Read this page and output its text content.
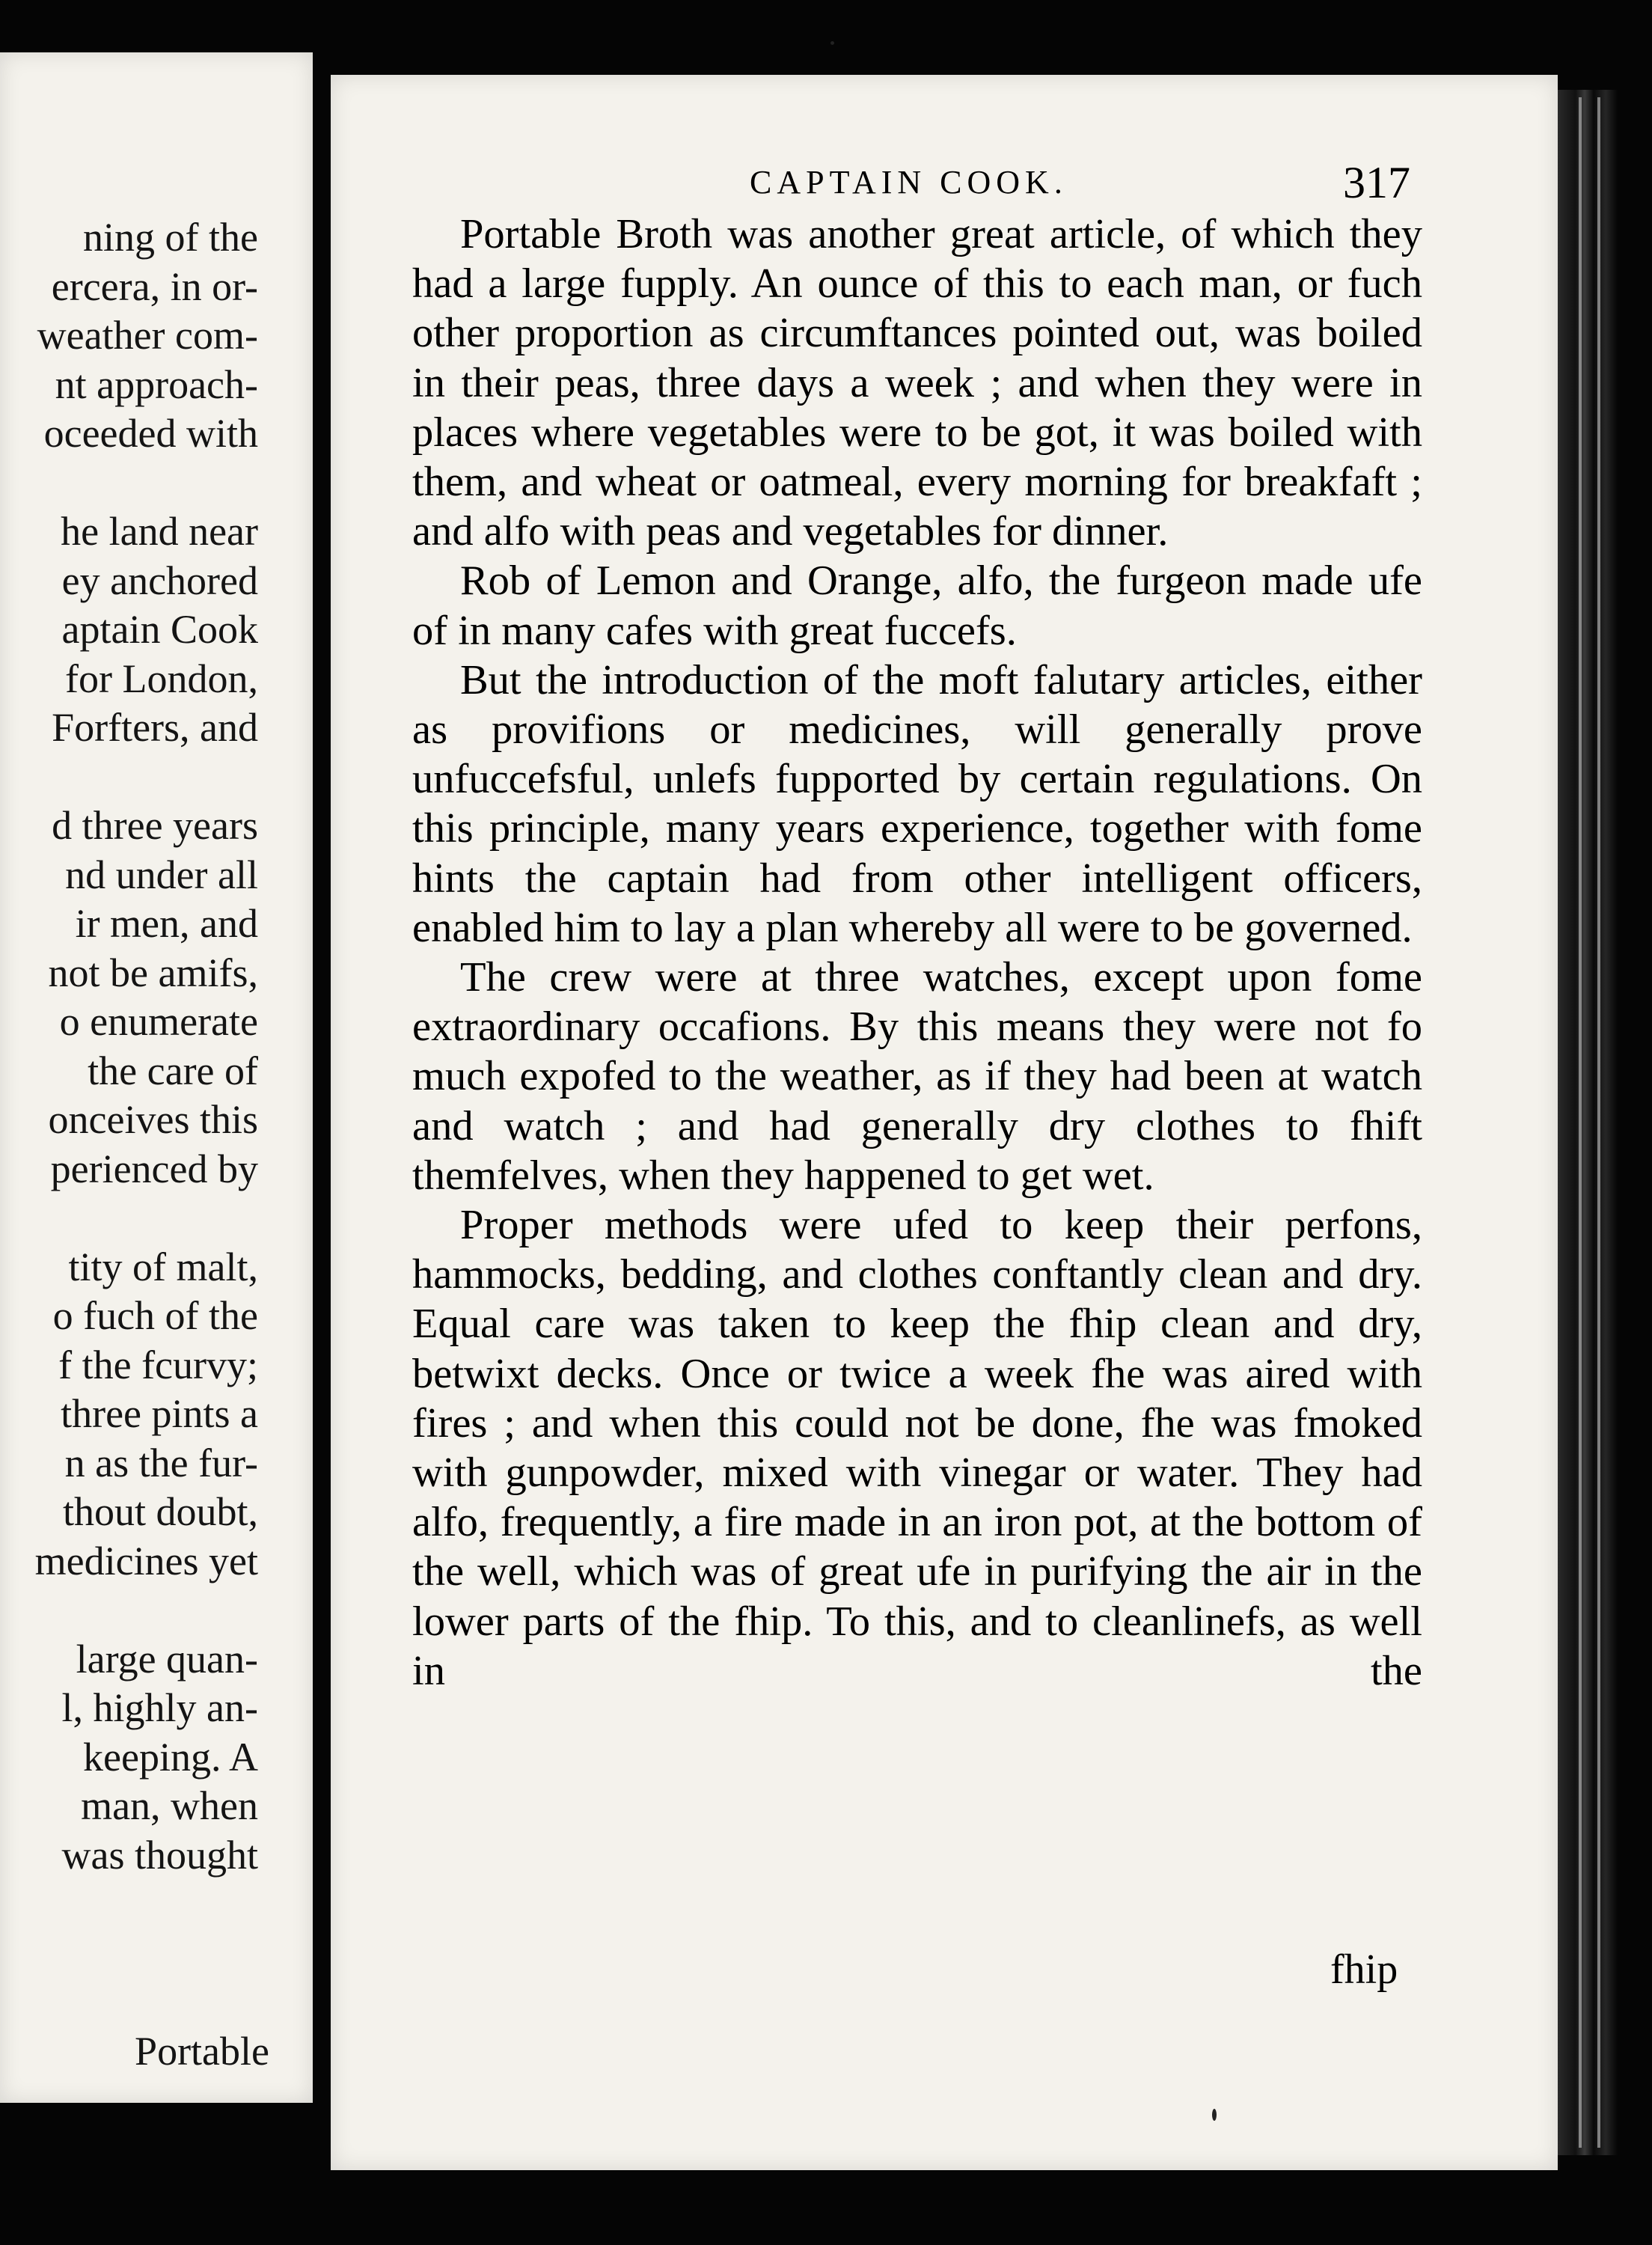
ning of the
ercera, in or-
weather com-
nt approach-
oceeded with

he land near
ey anchored
aptain Cook
for London,
Forfters, and

d three years
nd under all
ir men, and
not be amifs,
o enumerate
the care of
onceives this
perienced by

tity of malt,
o fuch of the
f the fcurvy;
three pints a
n as the fur-
thout doubt,
medicines yet

large quan-
l, highly an-
keeping. A
man, when
was thought
Portable
CAPTAIN COOK.	317

Portable Broth was another great article, of which they had a large fupply. An ounce of this to each man, or fuch other proportion as circumftances pointed out, was boiled in their peas, three days a week ; and when they were in places where vegetables were to be got, it was boiled with them, and wheat or oatmeal, every morning for breakfaft ; and alfo with peas and vegetables for dinner.

Rob of Lemon and Orange, alfo, the furgeon made ufe of in many cafes with great fuccefs.

But the introduction of the moft falutary articles, either as provifions or medicines, will generally prove unfuccefsful, unlefs fupported by certain regulations. On this principle, many years experience, together with fome hints the captain had from other intelligent officers, enabled him to lay a plan whereby all were to be governed.

The crew were at three watches, except upon fome extraordinary occafions. By this means they were not fo much expofed to the weather, as if they had been at watch and watch ; and had generally dry clothes to fhift themfelves, when they happened to get wet.

Proper methods were ufed to keep their perfons, hammocks, bedding, and clothes conftantly clean and dry. Equal care was taken to keep the fhip clean and dry, betwixt decks. Once or twice a week fhe was aired with fires ; and when this could not be done, fhe was fmoked with gunpowder, mixed with vinegar or water. They had alfo, frequently, a fire made in an iron pot, at the bottom of the well, which was of great ufe in purifying the air in the lower parts of the fhip. To this, and to cleanlinefs, as well in the

fhip
